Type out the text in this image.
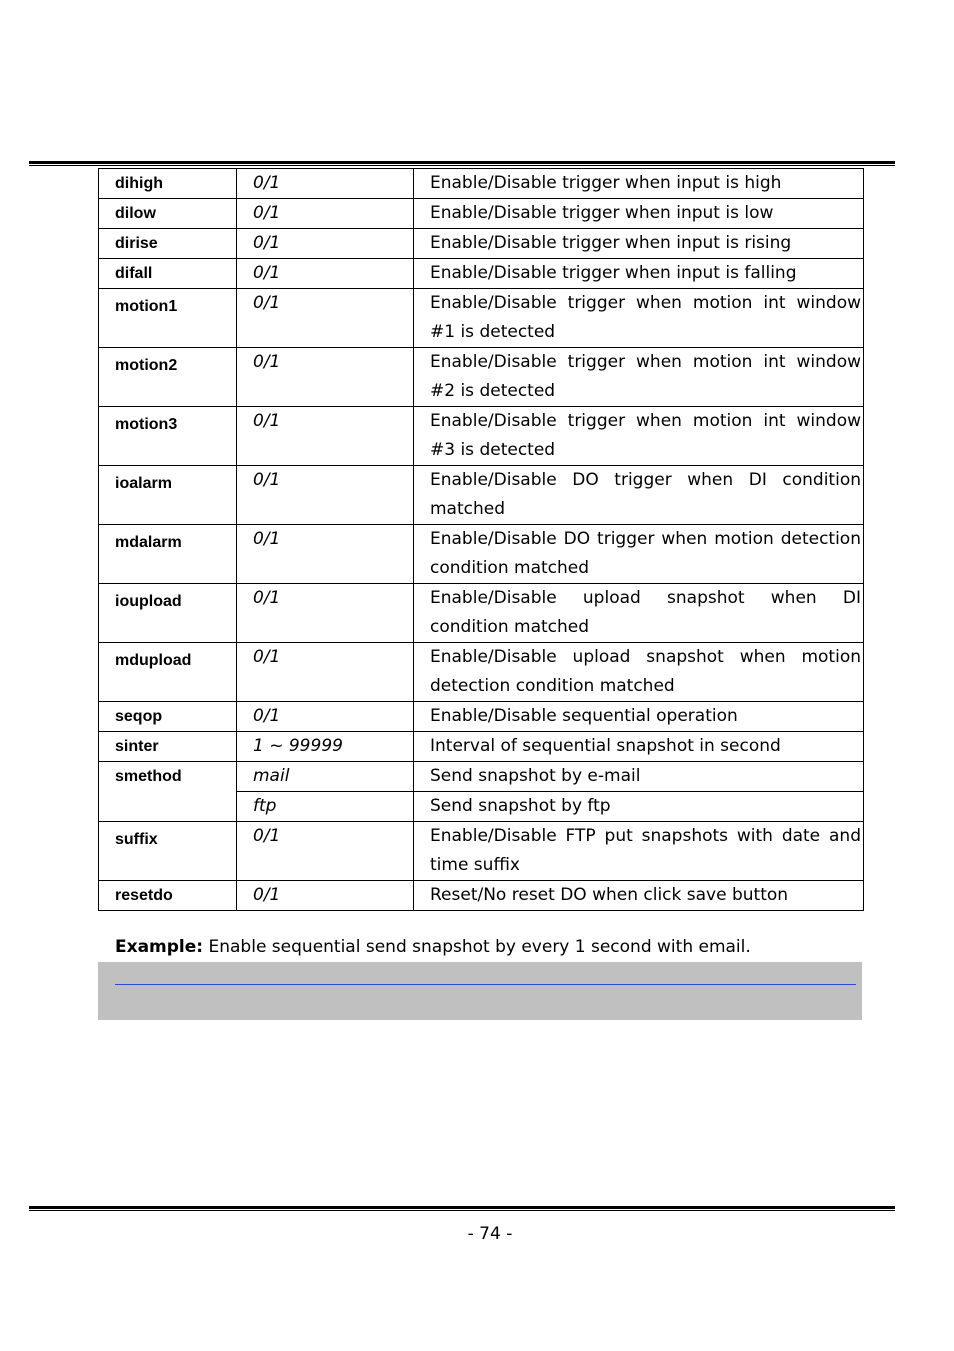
dihigh	0/1	Enable/Disable trigger when input is high
dilow	0/1	Enable/Disable trigger when input is low
dirise	0/1	Enable/Disable trigger when input is rising
difall	0/1	Enable/Disable trigger when input is falling
motion1	0/1	Enable/Disable trigger when motion int window #1 is detected
motion2	0/1	Enable/Disable trigger when motion int window #2 is detected
motion3	0/1	Enable/Disable trigger when motion int window #3 is detected
ioalarm	0/1	Enable/Disable DO trigger when DI condition matched
mdalarm	0/1	Enable/Disable DO trigger when motion detection condition matched
ioupload	0/1	Enable/Disable upload snapshot when DI condition matched
mdupload	0/1	Enable/Disable upload snapshot when motion detection condition matched
seqop	0/1	Enable/Disable sequential operation
sinter	1 ~ 99999	Interval of sequential snapshot in second
smethod	mail	Send snapshot by e-mail
	ftp	Send snapshot by ftp
suffix	0/1	Enable/Disable FTP put snapshots with date and time suffix
resetdo	0/1	Reset/No reset DO when click save button
Example: Enable sequential send snapshot by every 1 second with email.
- 74 -
